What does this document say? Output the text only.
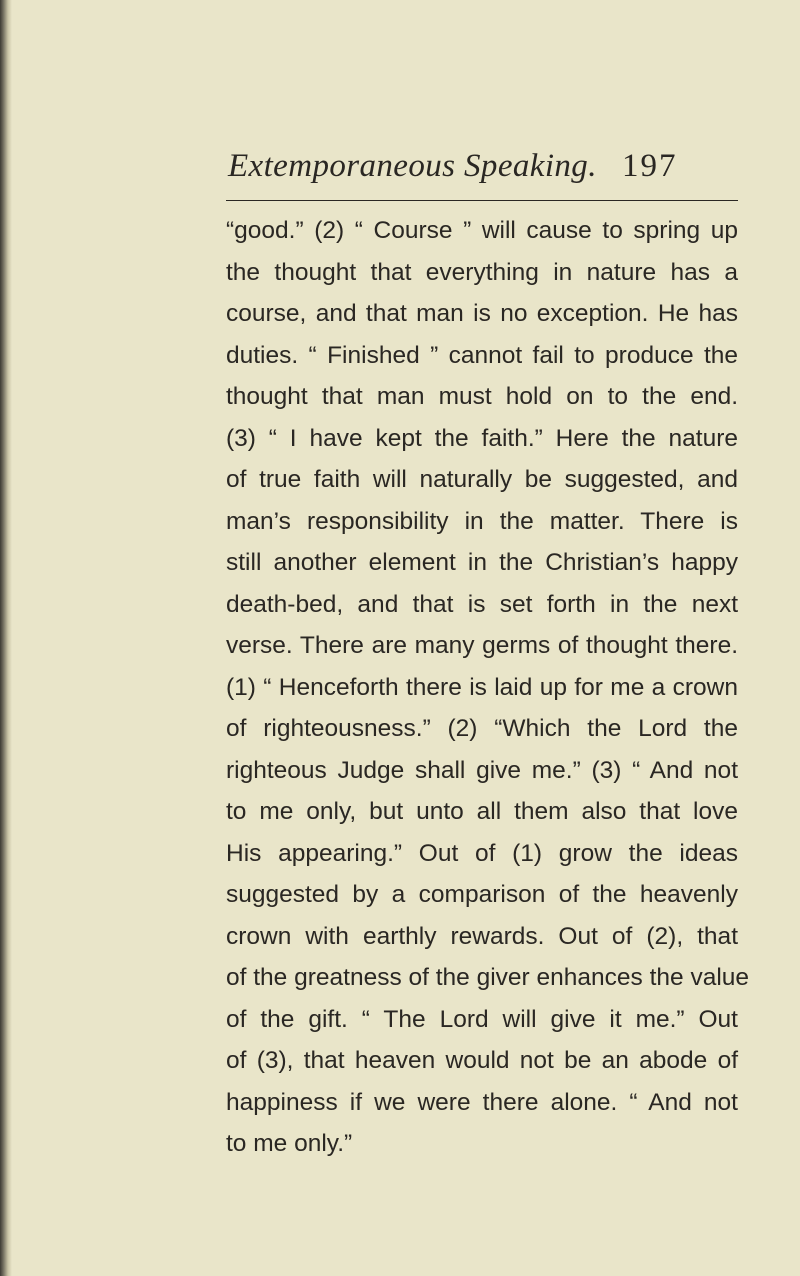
Extemporaneous Speaking. 197
“good.” (2) “ Course ” will cause to spring up
the thought that everything in nature has a
course, and that man is no exception. He has
duties. “ Finished ” cannot fail to produce the
thought that man must hold on to the end.
(3) “ I have kept the faith.” Here the nature
of true faith will naturally be suggested, and
man’s responsibility in the matter. There is
still another element in the Christian’s happy
death-bed, and that is set forth in the next
verse. There are many germs of thought there.
(1) “ Henceforth there is laid up for me a crown
of righteousness.” (2) “Which the Lord the
righteous Judge shall give me.” (3) “ And not
to me only, but unto all them also that love
His appearing.” Out of (1) grow the ideas
suggested by a comparison of the heavenly
crown with earthly rewards. Out of (2), that
of the greatness of the giver enhances the value
of the gift. “ The Lord will give it me.” Out
of (3), that heaven would not be an abode of
happiness if we were there alone. “ And not
to me only.”
